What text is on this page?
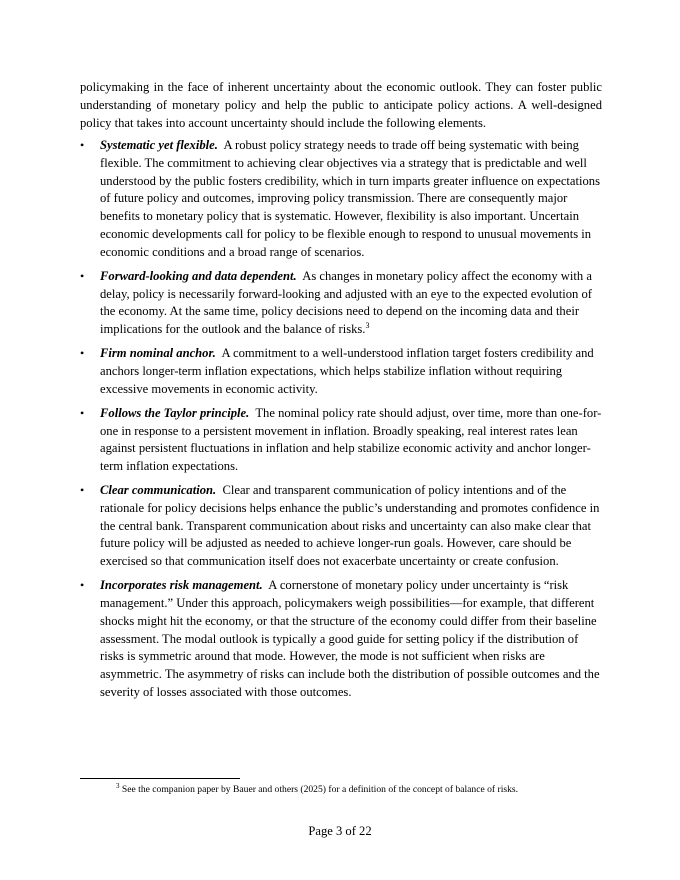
policymaking in the face of inherent uncertainty about the economic outlook. They can foster public understanding of monetary policy and help the public to anticipate policy actions. A well-designed policy that takes into account uncertainty should include the following elements.

•	Systematic yet flexible. A robust policy strategy needs to trade off being systematic with being flexible. The commitment to achieving clear objectives via a strategy that is predictable and well understood by the public fosters credibility, which in turn imparts greater influence on expectations of future policy and outcomes, improving policy transmission. There are consequently major benefits to monetary policy that is systematic. However, flexibility is also important. Uncertain economic developments call for policy to be flexible enough to respond to unusual movements in economic conditions and a broad range of scenarios.
•	Forward-looking and data dependent. As changes in monetary policy affect the economy with a delay, policy is necessarily forward-looking and adjusted with an eye to the expected evolution of the economy. At the same time, policy decisions need to depend on the incoming data and their implications for the outlook and the balance of risks.$^3$
•	Firm nominal anchor. A commitment to a well-understood inflation target fosters credibility and anchors longer-term inflation expectations, which helps stabilize inflation without requiring excessive movements in economic activity.
•	Follows the Taylor principle. The nominal policy rate should adjust, over time, more than one-for-one in response to a persistent movement in inflation. Broadly speaking, real interest rates lean against persistent fluctuations in inflation and help stabilize economic activity and anchor longer-term inflation expectations.
•	Clear communication. Clear and transparent communication of policy intentions and of the rationale for policy decisions helps enhance the public’s understanding and promotes confidence in the central bank. Transparent communication about risks and uncertainty can also make clear that future policy will be adjusted as needed to achieve longer-run goals. However, care should be exercised so that communication itself does not exacerbate uncertainty or create confusion.
•	Incorporates risk management. A cornerstone of monetary policy under uncertainty is “risk management.” Under this approach, policymakers weigh possibilities—for example, that different shocks might hit the economy, or that the structure of the economy could differ from their baseline assessment. The modal outlook is typically a good guide for setting policy if the distribution of risks is symmetric around that mode. However, the mode is not sufficient when risks are asymmetric. The asymmetry of risks can include both the distribution of possible outcomes and the severity of losses associated with those outcomes.
$^3$ See the companion paper by Bauer and others (2025) for a definition of the concept of balance of risks.
Page 3 of 22
